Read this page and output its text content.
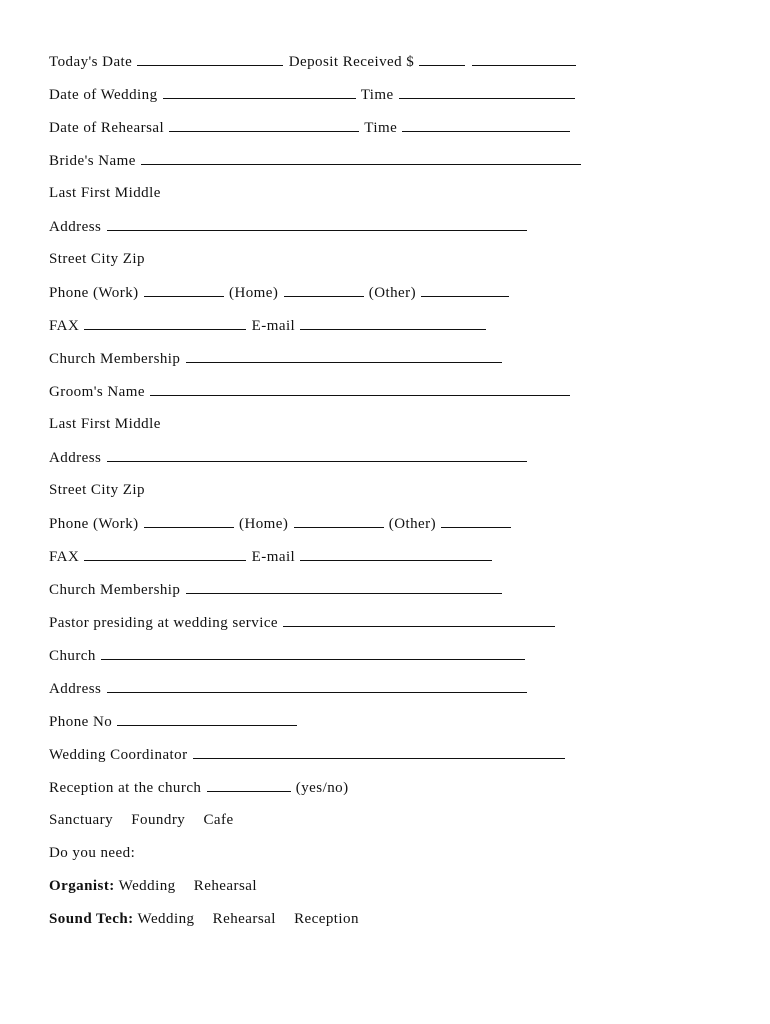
Today's Date	Deposit Received $
Date of Wedding	Time
Date of Rehearsal	Time
Bride's Name
Last First Middle
Address
Street City Zip
Phone (Work)	(Home)	(Other)
FAX	E-mail
Church Membership
Groom's Name
Last First Middle
Address
Street City Zip
Phone (Work)	(Home)	(Other)
FAX	E-mail
Church Membership
Pastor presiding at wedding service
Church
Address
Phone No
Wedding Coordinator
Reception at the church	(yes/no)
Sanctuary Foundry Cafe
Do you need:
Organist: Wedding Rehearsal
Sound Tech: Wedding Rehearsal Reception
